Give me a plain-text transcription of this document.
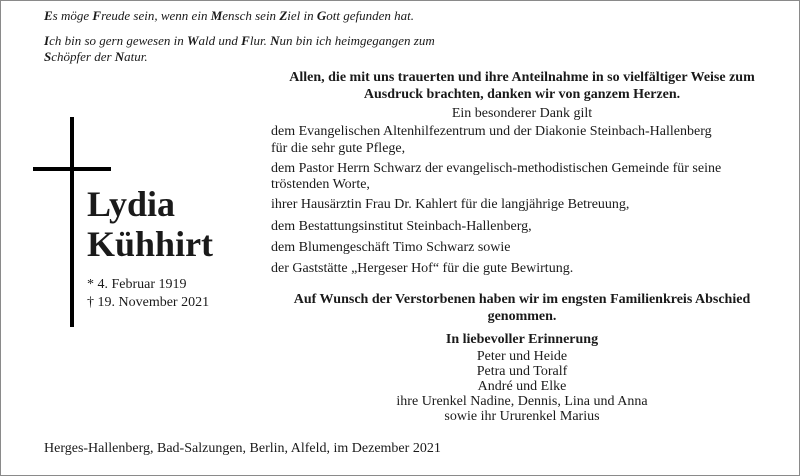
Es möge Freude sein, wenn ein Mensch sein Ziel in Gott gefunden hat.
Ich bin so gern gewesen in Wald und Flur. Nun bin ich heimgegangen zum
Schöpfer der Natur.
Lydia
Kühhirt
* 4. Februar 1919
† 19. November 2021
Allen, die mit uns trauerten und ihre Anteilnahme in so vielfältiger Weise zum
Ausdruck brachten, danken wir von ganzem Herzen.
Ein besonderer Dank gilt
dem Evangelischen Altenhilfezentrum und der Diakonie Steinbach-Hallenberg
für die sehr gute Pflege,
dem Pastor Herrn Schwarz der evangelisch-methodistischen Gemeinde für seine
tröstenden Worte,
ihrer Hausärztin Frau Dr. Kahlert für die langjährige Betreuung,
dem Bestattungsinstitut Steinbach-Hallenberg,
dem Blumengeschäft Timo Schwarz sowie
der Gaststätte „Hergeser Hof“ für die gute Bewirtung.
Auf Wunsch der Verstorbenen haben wir im engsten Familienkreis Abschied
genommen.
In liebevoller Erinnerung
Peter und Heide
Petra und Toralf
André und Elke
ihre Urenkel Nadine, Dennis, Lina und Anna
sowie ihr Ururenkel Marius
Herges-Hallenberg, Bad-Salzungen, Berlin, Alfeld, im Dezember 2021
